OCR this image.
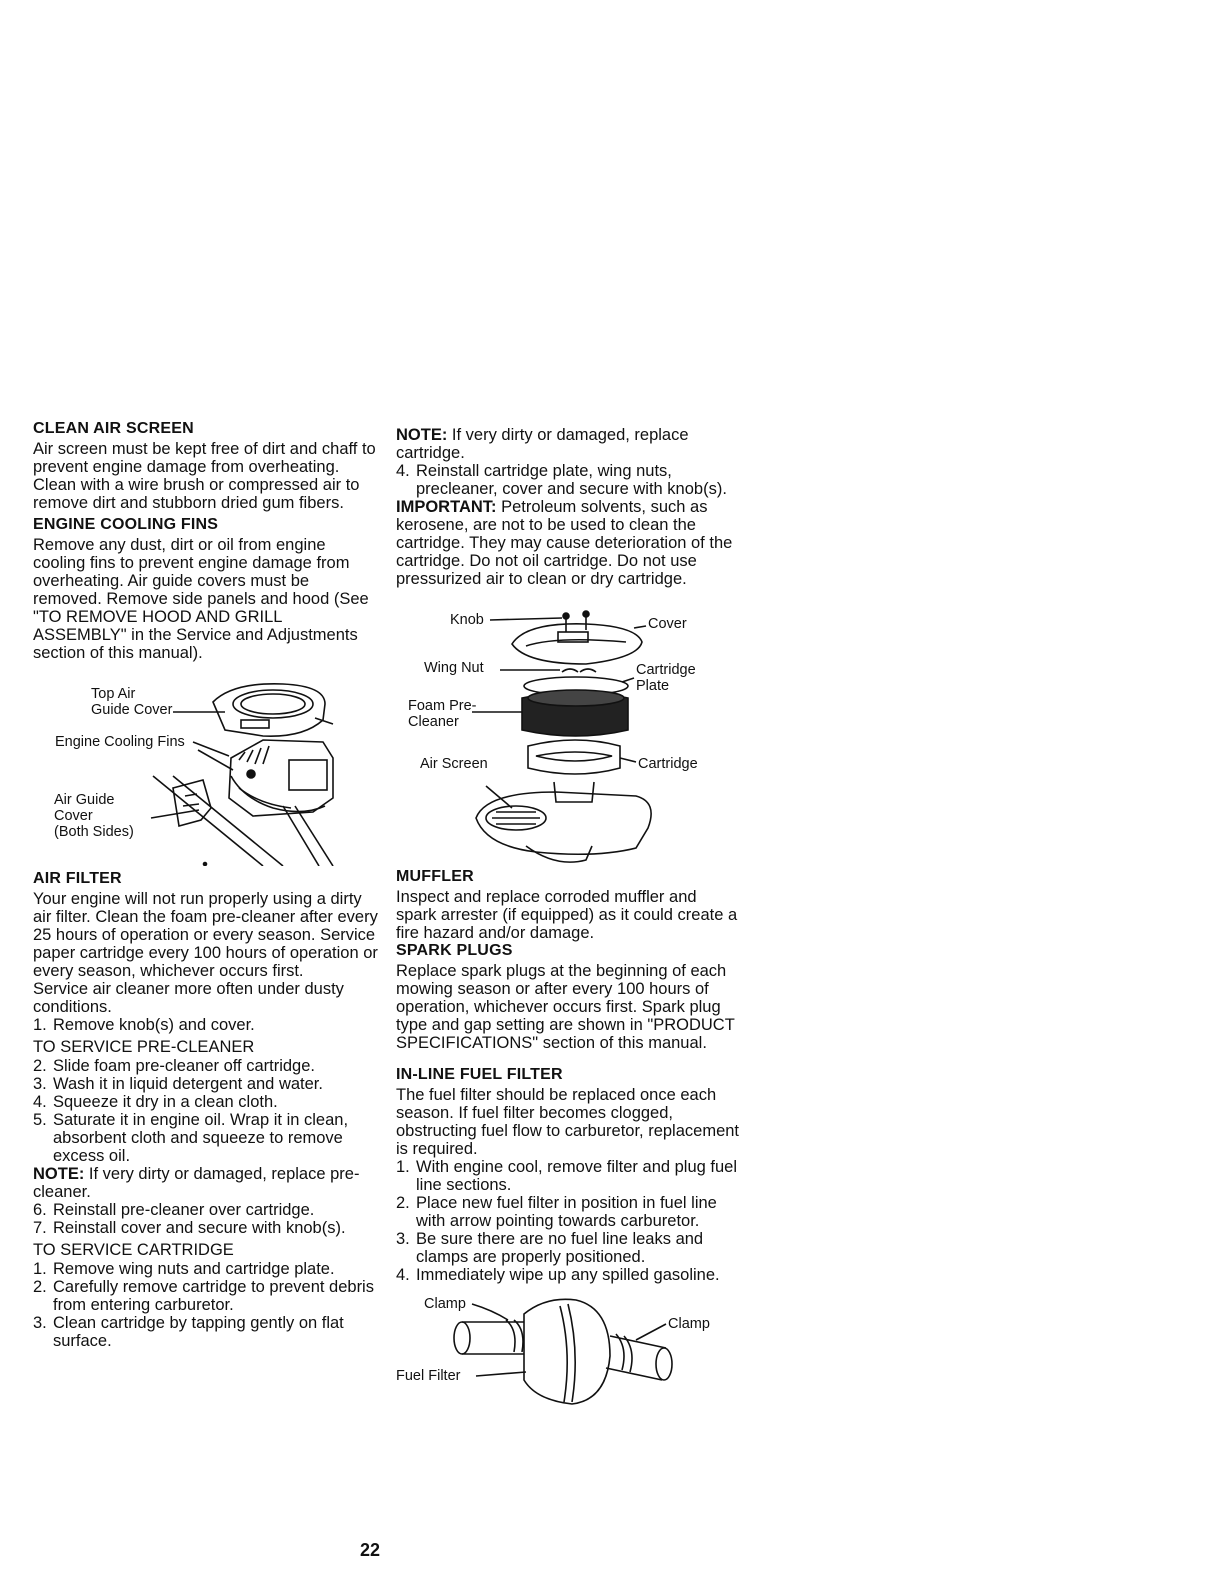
CLEAN AIR SCREEN

Air screen must be kept free of dirt and chaff to prevent engine damage from overheating. Clean with a wire brush or compressed air to remove dirt and stubborn dried gum fibers.

ENGINE COOLING FINS

Remove any dust, dirt or oil from engine cooling fins to prevent engine damage from overheating. Air guide covers must be removed. Remove side panels and hood (See "TO REMOVE HOOD AND GRILL ASSEMBLY" in the Service and Adjustments section of this manual).

Top Air
Guide Cover
Engine Cooling Fins
Air Guide
Cover
(Both Sides)
AIR FILTER

Your engine will not run properly using a dirty air filter. Clean the foam pre-cleaner after every 25 hours of operation or every season. Service paper cartridge every 100 hours of operation or every season, whichever occurs first.

Service air cleaner more often under dusty conditions.

1. Remove knob(s) and cover.

TO SERVICE PRE-CLEANER

2. Slide foam pre-cleaner off cartridge.
3. Wash it in liquid detergent and water.
4. Squeeze it dry in a clean cloth.
5. Saturate it in engine oil. Wrap it in clean, absorbent cloth and squeeze to remove excess oil.

NOTE: If very dirty or damaged, replace pre-cleaner.

6. Reinstall pre-cleaner over cartridge.
7. Reinstall cover and secure with knob(s).

TO SERVICE CARTRIDGE

1. Remove wing nuts and cartridge plate.
2. Carefully remove cartridge to prevent debris from entering carburetor.
3. Clean cartridge by tapping gently on flat surface.

NOTE: If very dirty or damaged, replace cartridge.

4. Reinstall cartridge plate, wing nuts, precleaner, cover and secure with knob(s).

IMPORTANT: Petroleum solvents, such as kerosene, are not to be used to clean the cartridge. They may cause deterioration of the cartridge. Do not oil cartridge. Do not use pressurized air to clean or dry cartridge.

Knob	Cover
Wing Nut	Cartridge
Plate
Foam Pre-
Cleaner
Air Screen	Cartridge
MUFFLER

Inspect and replace corroded muffler and spark arrester (if equipped) as it could create a fire hazard and/or damage.

SPARK PLUGS

Replace spark plugs at the beginning of each mowing season or after every 100 hours of operation, whichever occurs first. Spark plug type and gap setting are shown in "PRODUCT SPECIFICATIONS" section of this manual.

IN-LINE FUEL FILTER

The fuel filter should be replaced once each season. If fuel filter becomes clogged, obstructing fuel flow to carburetor, replacement is required.

1. With engine cool, remove filter and plug fuel line sections.
2. Place new fuel filter in position in fuel line with arrow pointing towards carburetor.
3. Be sure there are no fuel line leaks and clamps are properly positioned.
4. Immediately wipe up any spilled gasoline.
Clamp
Clamp
Fuel Filter
22
